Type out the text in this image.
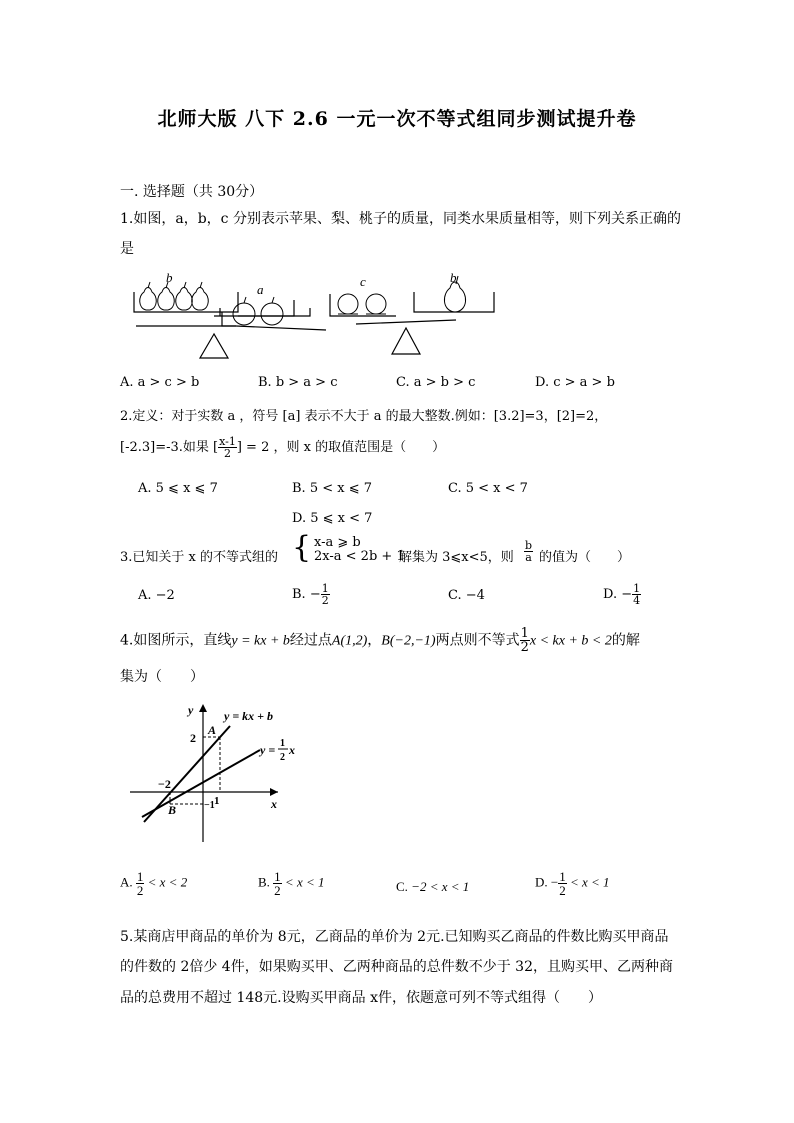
北师大版 八下 2.6 一元一次不等式组同步测试提升卷
一. 选择题（共 30分）
1.如图，a，b，c 分别表示苹果、梨、桃子的质量，同类水果质量相等，则下列关系正确的
是
b
a
c	b
A. a > c > b	B. b > a > c	C. a > b > c	D. c > a > b
2.定义：对于实数 a ，符号 [a] 表示不大于 a 的最大整数.例如：[3.2]=3，[2]=2，
[-2.3]=-3.如果 [ $\frac{x-1}{2}$ ] = 2 ，则 x 的取值范围是（　　）
A. 5 ⩽ x ⩽ 7	B. 5 < x ⩽ 7	C. 5 < x < 7
D. 5 ⩽ x < 7
3.已知关于 x 的不等式组的 { x-a ⩾ b
2x-a < 2b + 1
解集为 3⩽x<5，则 $\frac{b}{a}$ 的值为（　　）
A. −2	B. − $\frac{1}{2}$	C. −4	D. − $\frac{1}{4}$
4.如图所示，直线y = kx + b经过点A(1,2)，B(−2,−1)两点则不等式 $\frac{1}{2}$ x < kx + b < 2的解
集为（　　）
y
x
y = kx + b
y = 1
2
x
A
B
2
−2
1
−1
A. $\frac{1}{2} < x < 2$	B. $\frac{1}{2} < x < 1$	C. −2 < x < 1	D. − $\frac{1}{2} < x < 1$
5.某商店甲商品的单价为 8元，乙商品的单价为 2元.已知购买乙商品的件数比购买甲商品
的件数的 2倍少 4件，如果购买甲、乙两种商品的总件数不少于 32，且购买甲、乙两种商
品的总费用不超过 148元.设购买甲商品 x件，依题意可列不等式组得（　　）
